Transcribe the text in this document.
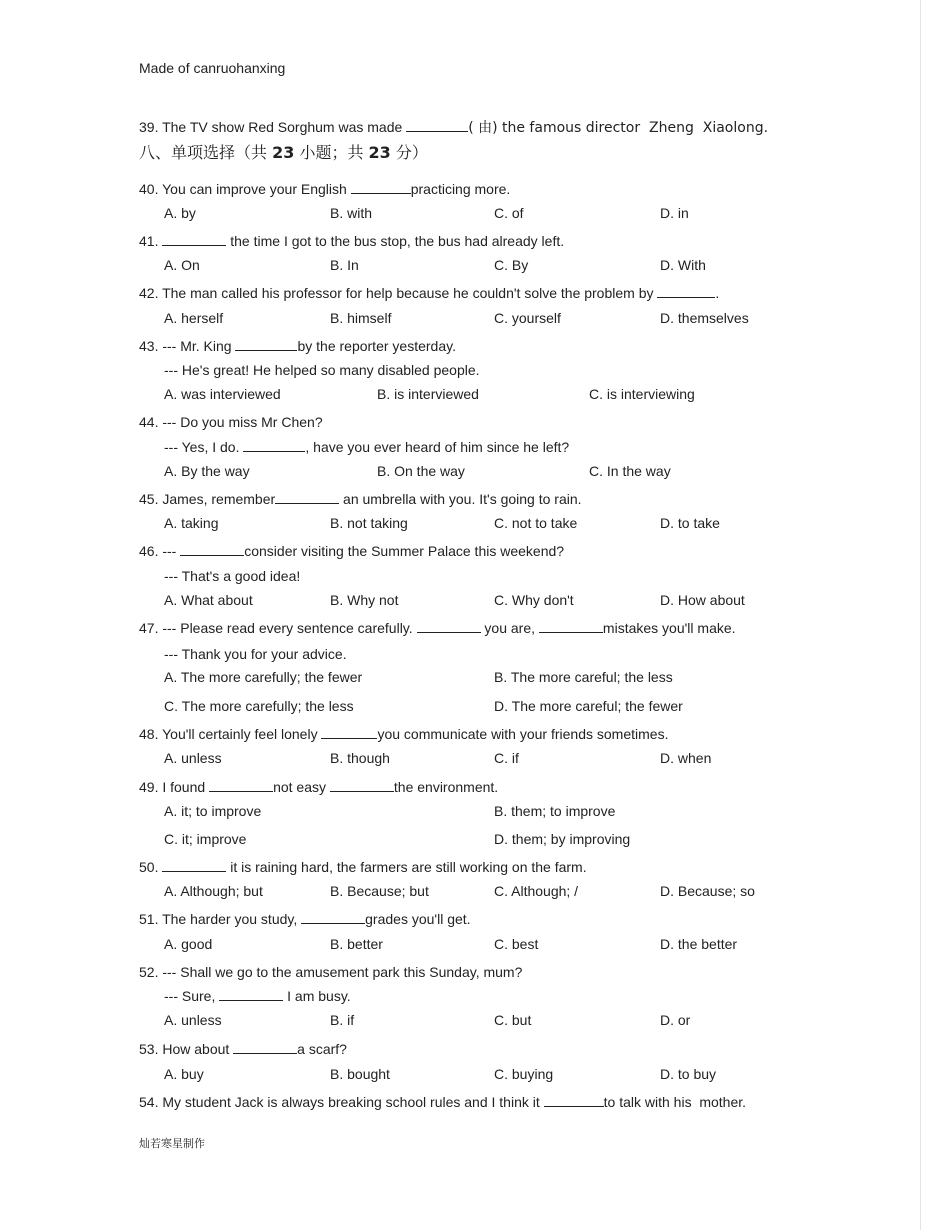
Made of canruohanxing
39. The TV show Red Sorghum was made	( 由) the famous director  Zheng  Xiaolong.
八、单项选择（共 23 小题；共 23 分）
40. You can improve your English	practicing more.
A. by	B. with	C. of	D. in
41.	the time I got to the bus stop, the bus had already left.
A. On	B. In	C. By	D. With
42. The man called his professor for help because he couldn't solve the problem by	.
A. herself	B. himself	C. yourself	D. themselves
43. --- Mr. King	by the reporter yesterday.
--- He's great! He helped so many disabled people.
A. was interviewed	B. is interviewed	C. is interviewing
44. --- Do you miss Mr Chen?
--- Yes, I do.	, have you ever heard of him since he left?
A. By the way	B. On the way	C. In the way
45. James, remember	an umbrella with you. It's going to rain.
A. taking	B. not taking	C. not to take	D. to take
46. ---	consider visiting the Summer Palace this weekend?
--- That's a good idea!
A. What about	B. Why not	C. Why don't	D. How about
47. --- Please read every sentence carefully.	you are,	mistakes you'll make.
--- Thank you for your advice.
A. The more carefully; the fewer	B. The more careful; the less
C. The more carefully; the less	D. The more careful; the fewer
48. You'll certainly feel lonely	you communicate with your friends sometimes.
A. unless	B. though	C. if	D. when
49. I found	not easy	the environment.
A. it; to improve	B. them; to improve
C. it; improve	D. them; by improving
50.	it is raining hard, the farmers are still working on the farm.
A. Although; but	B. Because; but	C. Although; /	D. Because; so
51. The harder you study,	grades you'll get.
A. good	B. better	C. best	D. the better
52. --- Shall we go to the amusement park this Sunday, mum?
--- Sure,	I am busy.
A. unless	B. if	C. but	D. or
53. How about	a scarf?
A. buy	B. bought	C. buying	D. to buy
54. My student Jack is always breaking school rules and I think it	to talk with his  mother.
灿若寒星制作
